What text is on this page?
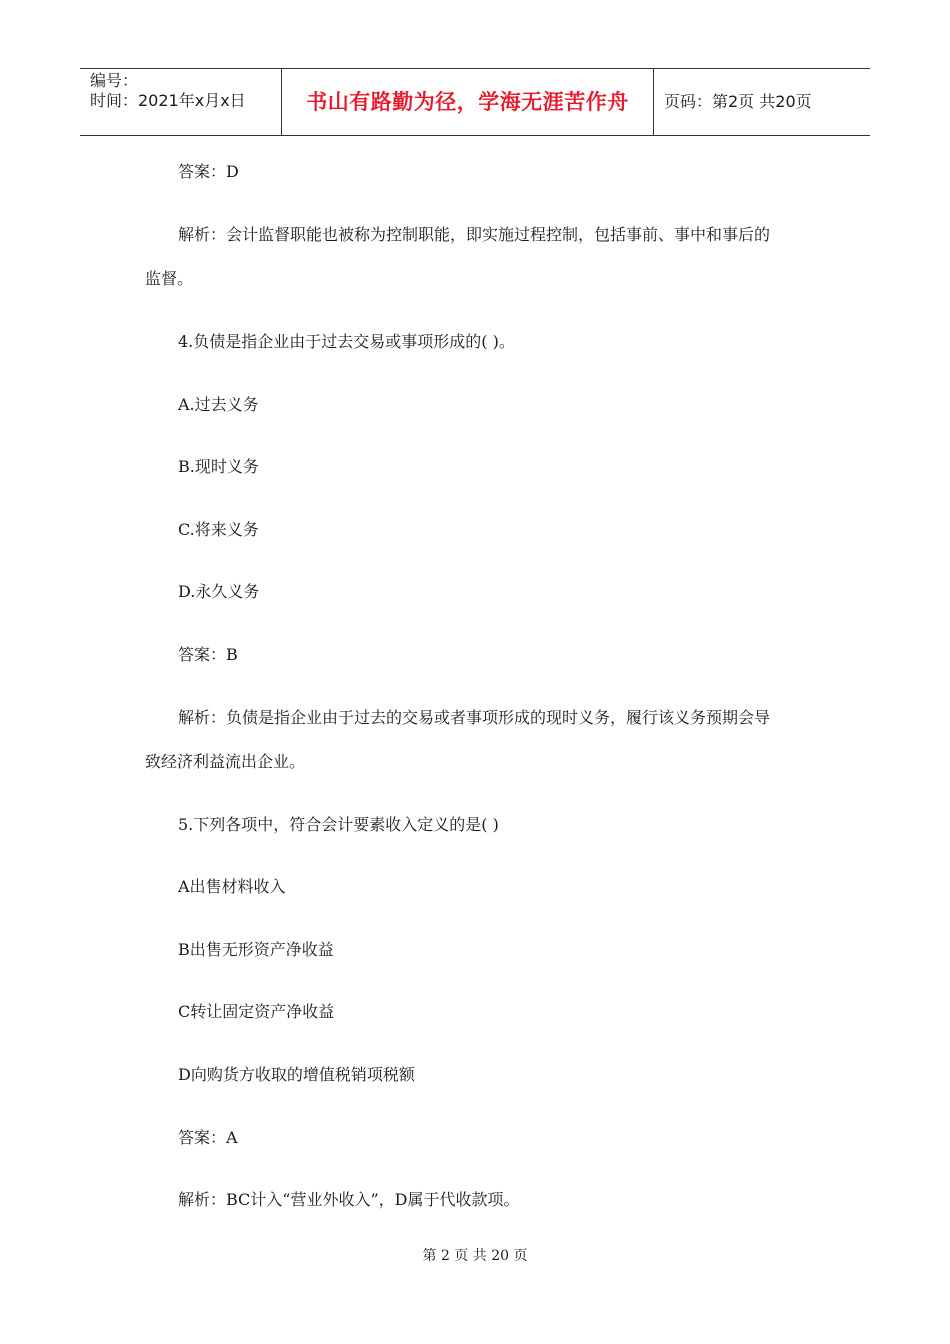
编号：
时间：2021年x月x日	书山有路勤为径，学海无涯苦作舟	页码：第2页 共20页
答案：D
解析：会计监督职能也被称为控制职能，即实施过程控制，包括事前、事中和事后的
监督。
4.负债是指企业由于过去交易或事项形成的( )。
A.过去义务
B.现时义务
C.将来义务
D.永久义务
答案：B
解析：负债是指企业由于过去的交易或者事项形成的现时义务，履行该义务预期会导
致经济利益流出企业。
5.下列各项中，符合会计要素收入定义的是( )
A出售材料收入
B出售无形资产净收益
C转让固定资产净收益
D向购货方收取的增值税销项税额
答案：A
解析：BC计入“营业外收入”，D属于代收款项。
第 2 页 共 20 页
